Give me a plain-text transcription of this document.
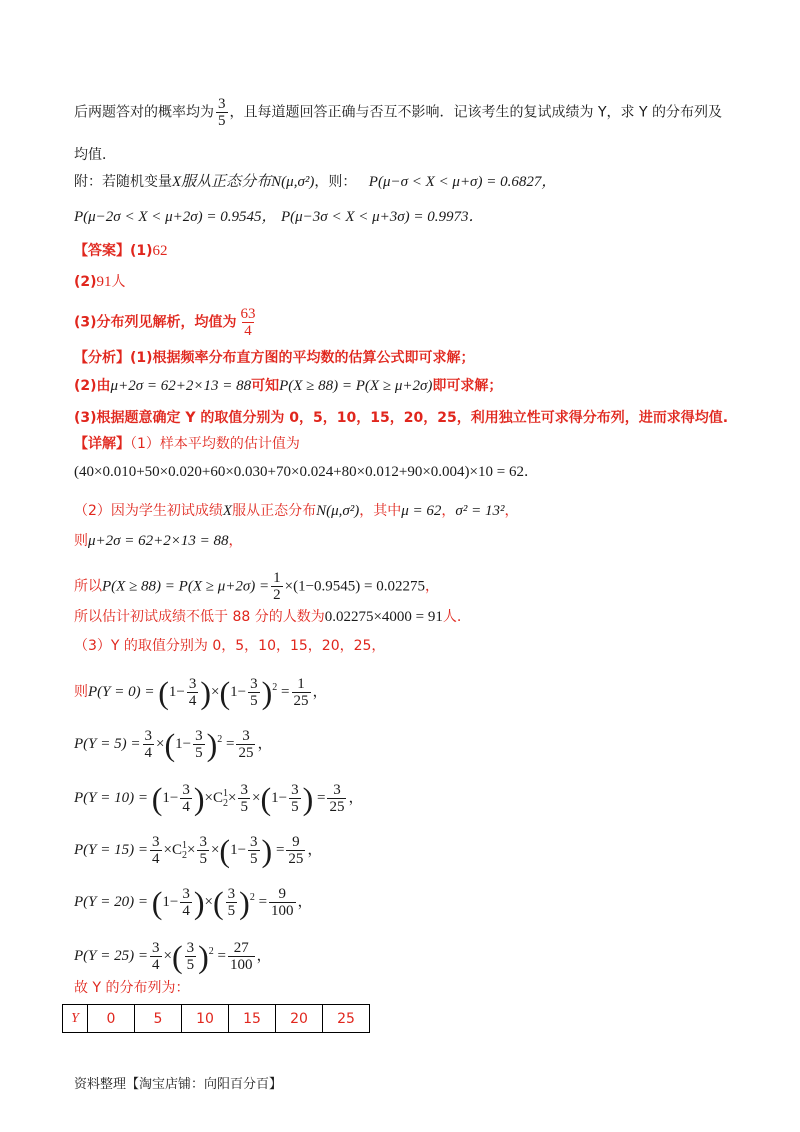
后两题答对的概率均为 $\frac{3}{5}$ ，且每道题回答正确与否互不影响．记该考生的复试成绩为 Y，求 Y 的分布列及
均值．
附：若随机变量X服从正态分布N(μ,σ²)，则： P(μ−σ < X < μ+σ) = 0.6827，
P(μ−2σ < X < μ+2σ) = 0.9545， P(μ−3σ < X < μ+3σ) = 0.9973．
【答案】(1)62
(2)91人
(3)分布列见解析，均值为 $\frac{63}{4}$
【分析】(1)根据频率分布直方图的平均数的估算公式即可求解；
(2)由μ+2σ = 62+2×13 = 88可知P(X ≥ 88) = P(X ≥ μ+2σ)即可求解；
(3)根据题意确定 Y 的取值分别为 0，5，10，15，20，25，利用独立性可求得分布列，进而求得均值.
【详解】（1）样本平均数的估计值为
(40×0.010+50×0.020+60×0.030+70×0.024+80×0.012+90×0.004)×10 = 62．
（2）因为学生初试成绩X服从正态分布N(μ,σ²)，其中μ = 62，σ² = 13²，
则μ+2σ = 62+2×13 = 88，
所以$P(X \ge 88) = P(X \ge \mu+2\sigma) = \frac{1}{2} \times(1-0.9545) = 0.02275$，
所以估计初试成绩不低于 88 分的人数为0.02275×4000 = 91人.
（3）Y 的取值分别为 0，5，10，15，20，25，
则$P(Y = 0) = (1- \frac{3}{4} )\times(1- \frac{3}{5} )^2 = \frac{1}{25}$ ，
$P(Y = 5) = \frac{3}{4} \times(1- \frac{3}{5} )^2 = \frac{3}{25}$ ，
$P(Y = 10) = (1- \frac{3}{4} )\times C^1_2\times \frac{3}{5} \times(1- \frac{3}{5}$ ) = $\frac{3}{25}$ ，
$P(Y = 15) = \frac{3}{4} \times C^1_2\times \frac{3}{5} \times(1- \frac{3}{5}$ ) = $\frac{9}{25}$ ，
$P(Y = 20) = (1- \frac{3}{4}$ )×( $\frac{3}{5} )^2 = \frac{9}{100}$ ，
$P(Y = 25) = \frac{3}{4}$ ×( $\frac{3}{5} )^2 = \frac{27}{100}$ ，
故 Y 的分布列为：
Y	0	5	10	15	20	25
资料整理【淘宝店铺：向阳百分百】
